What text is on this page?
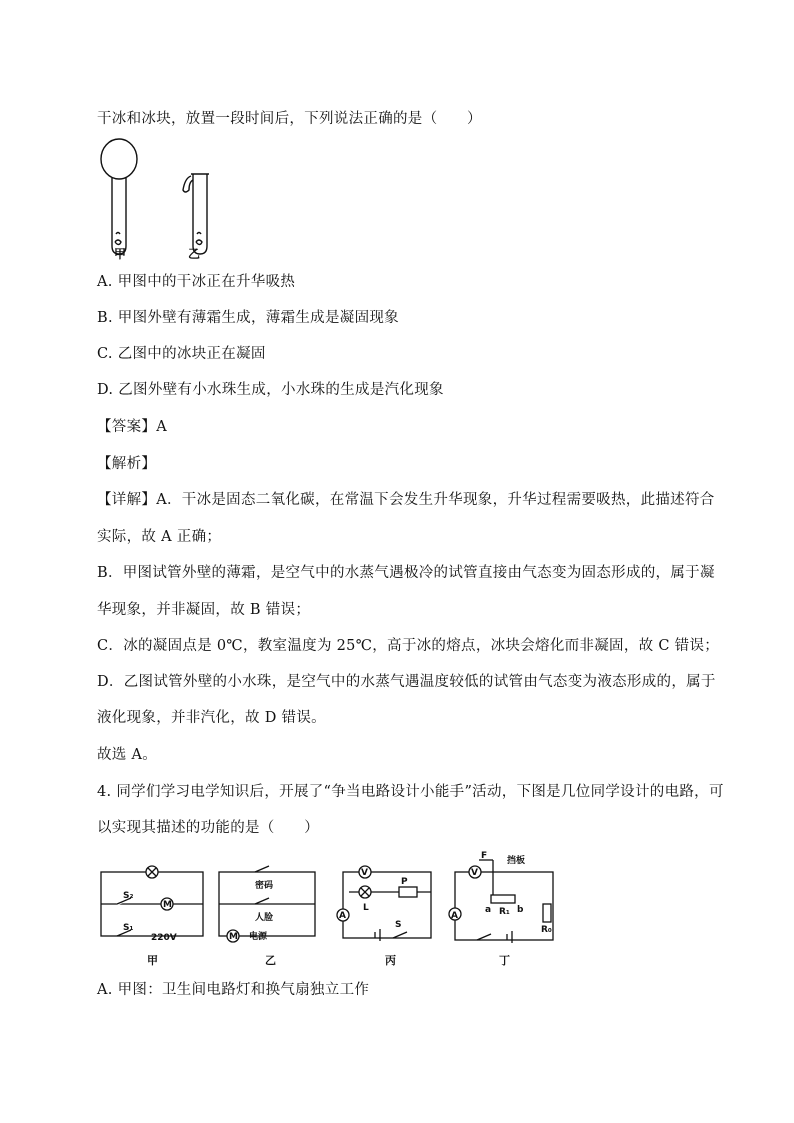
干冰和冰块，放置一段时间后，下列说法正确的是（　　）
甲	乙
A. 甲图中的干冰正在升华吸热
B. 甲图外壁有薄霜生成，薄霜生成是凝固现象
C. 乙图中的冰块正在凝固
D. 乙图外壁有小水珠生成，小水珠的生成是汽化现象
【答案】A
【解析】
【详解】A．干冰是固态二氧化碳，在常温下会发生升华现象，升华过程需要吸热，此描述符合
实际，故 A 正确；
B．甲图试管外壁的薄霜，是空气中的水蒸气遇极冷的试管直接由气态变为固态形成的，属于凝
华现象，并非凝固，故 B 错误；
C．冰的凝固点是 0℃，教室温度为 25℃，高于冰的熔点，冰块会熔化而非凝固，故 C 错误；
D．乙图试管外壁的小水珠，是空气中的水蒸气遇温度较低的试管由气态变为液态形成的，属于
液化现象，并非汽化，故 D 错误。
故选 A。
4. 同学们学习电学知识后，开展了“争当电路设计小能手”活动，下图是几位同学设计的电路，可
以实现其描述的功能的是（　　）
S₂
S₁
220V
M
甲
密码
人脸
电源
M
乙
V
A
L
P
S
丙
F 挡板
V
A
a R₁ b
R₀
丁
A. 甲图：卫生间电路灯和换气扇独立工作
